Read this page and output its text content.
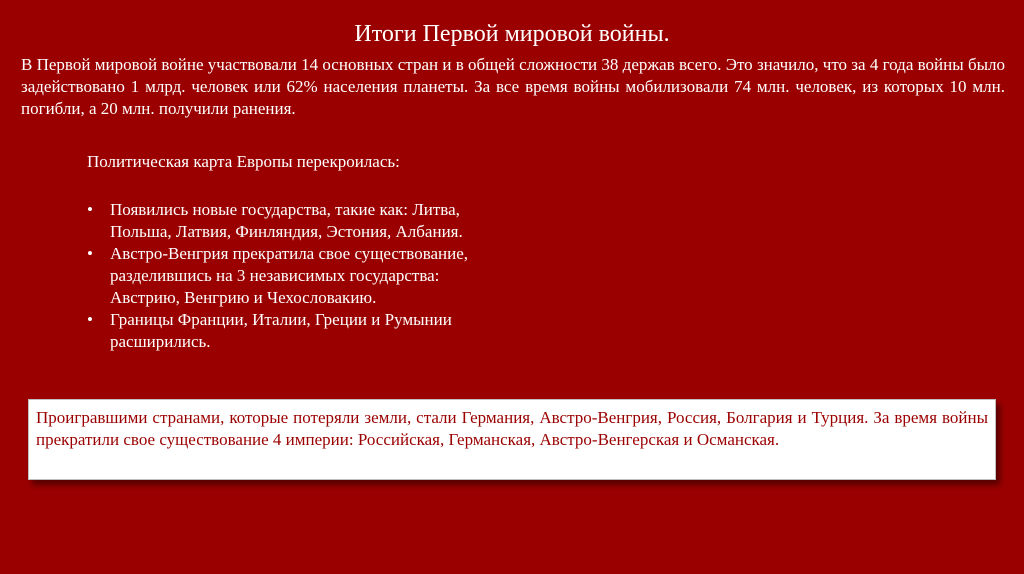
Итоги Первой мировой войны.

В Первой мировой войне участвовали 14 основных стран и в общей сложности 38 держав всего. Это значило, что за 4 года войны было задействовано 1 млрд. человек или 62% населения планеты. За все время войны мобилизовали 74 млн. человек, из которых 10 млн. погибли, а 20 млн. получили ранения.

Политическая карта Европы перекроилась:

• Появились новые государства, такие как: Литва,
Польша, Латвия, Финляндия, Эстония, Албания.
• Австро-Венгрия прекратила свое существование,
разделившись на 3 независимых государства:
Австрию, Венгрию и Чехословакию.
• Границы Франции, Италии, Греции и Румынии
расширились.
Проигравшими странами, которые потеряли земли, стали Германия, Австро-Венгрия, Россия, Болгария и Турция. За время войны прекратили свое существование 4 империи: Российская, Германская, Австро-Венгерская и Османская.
